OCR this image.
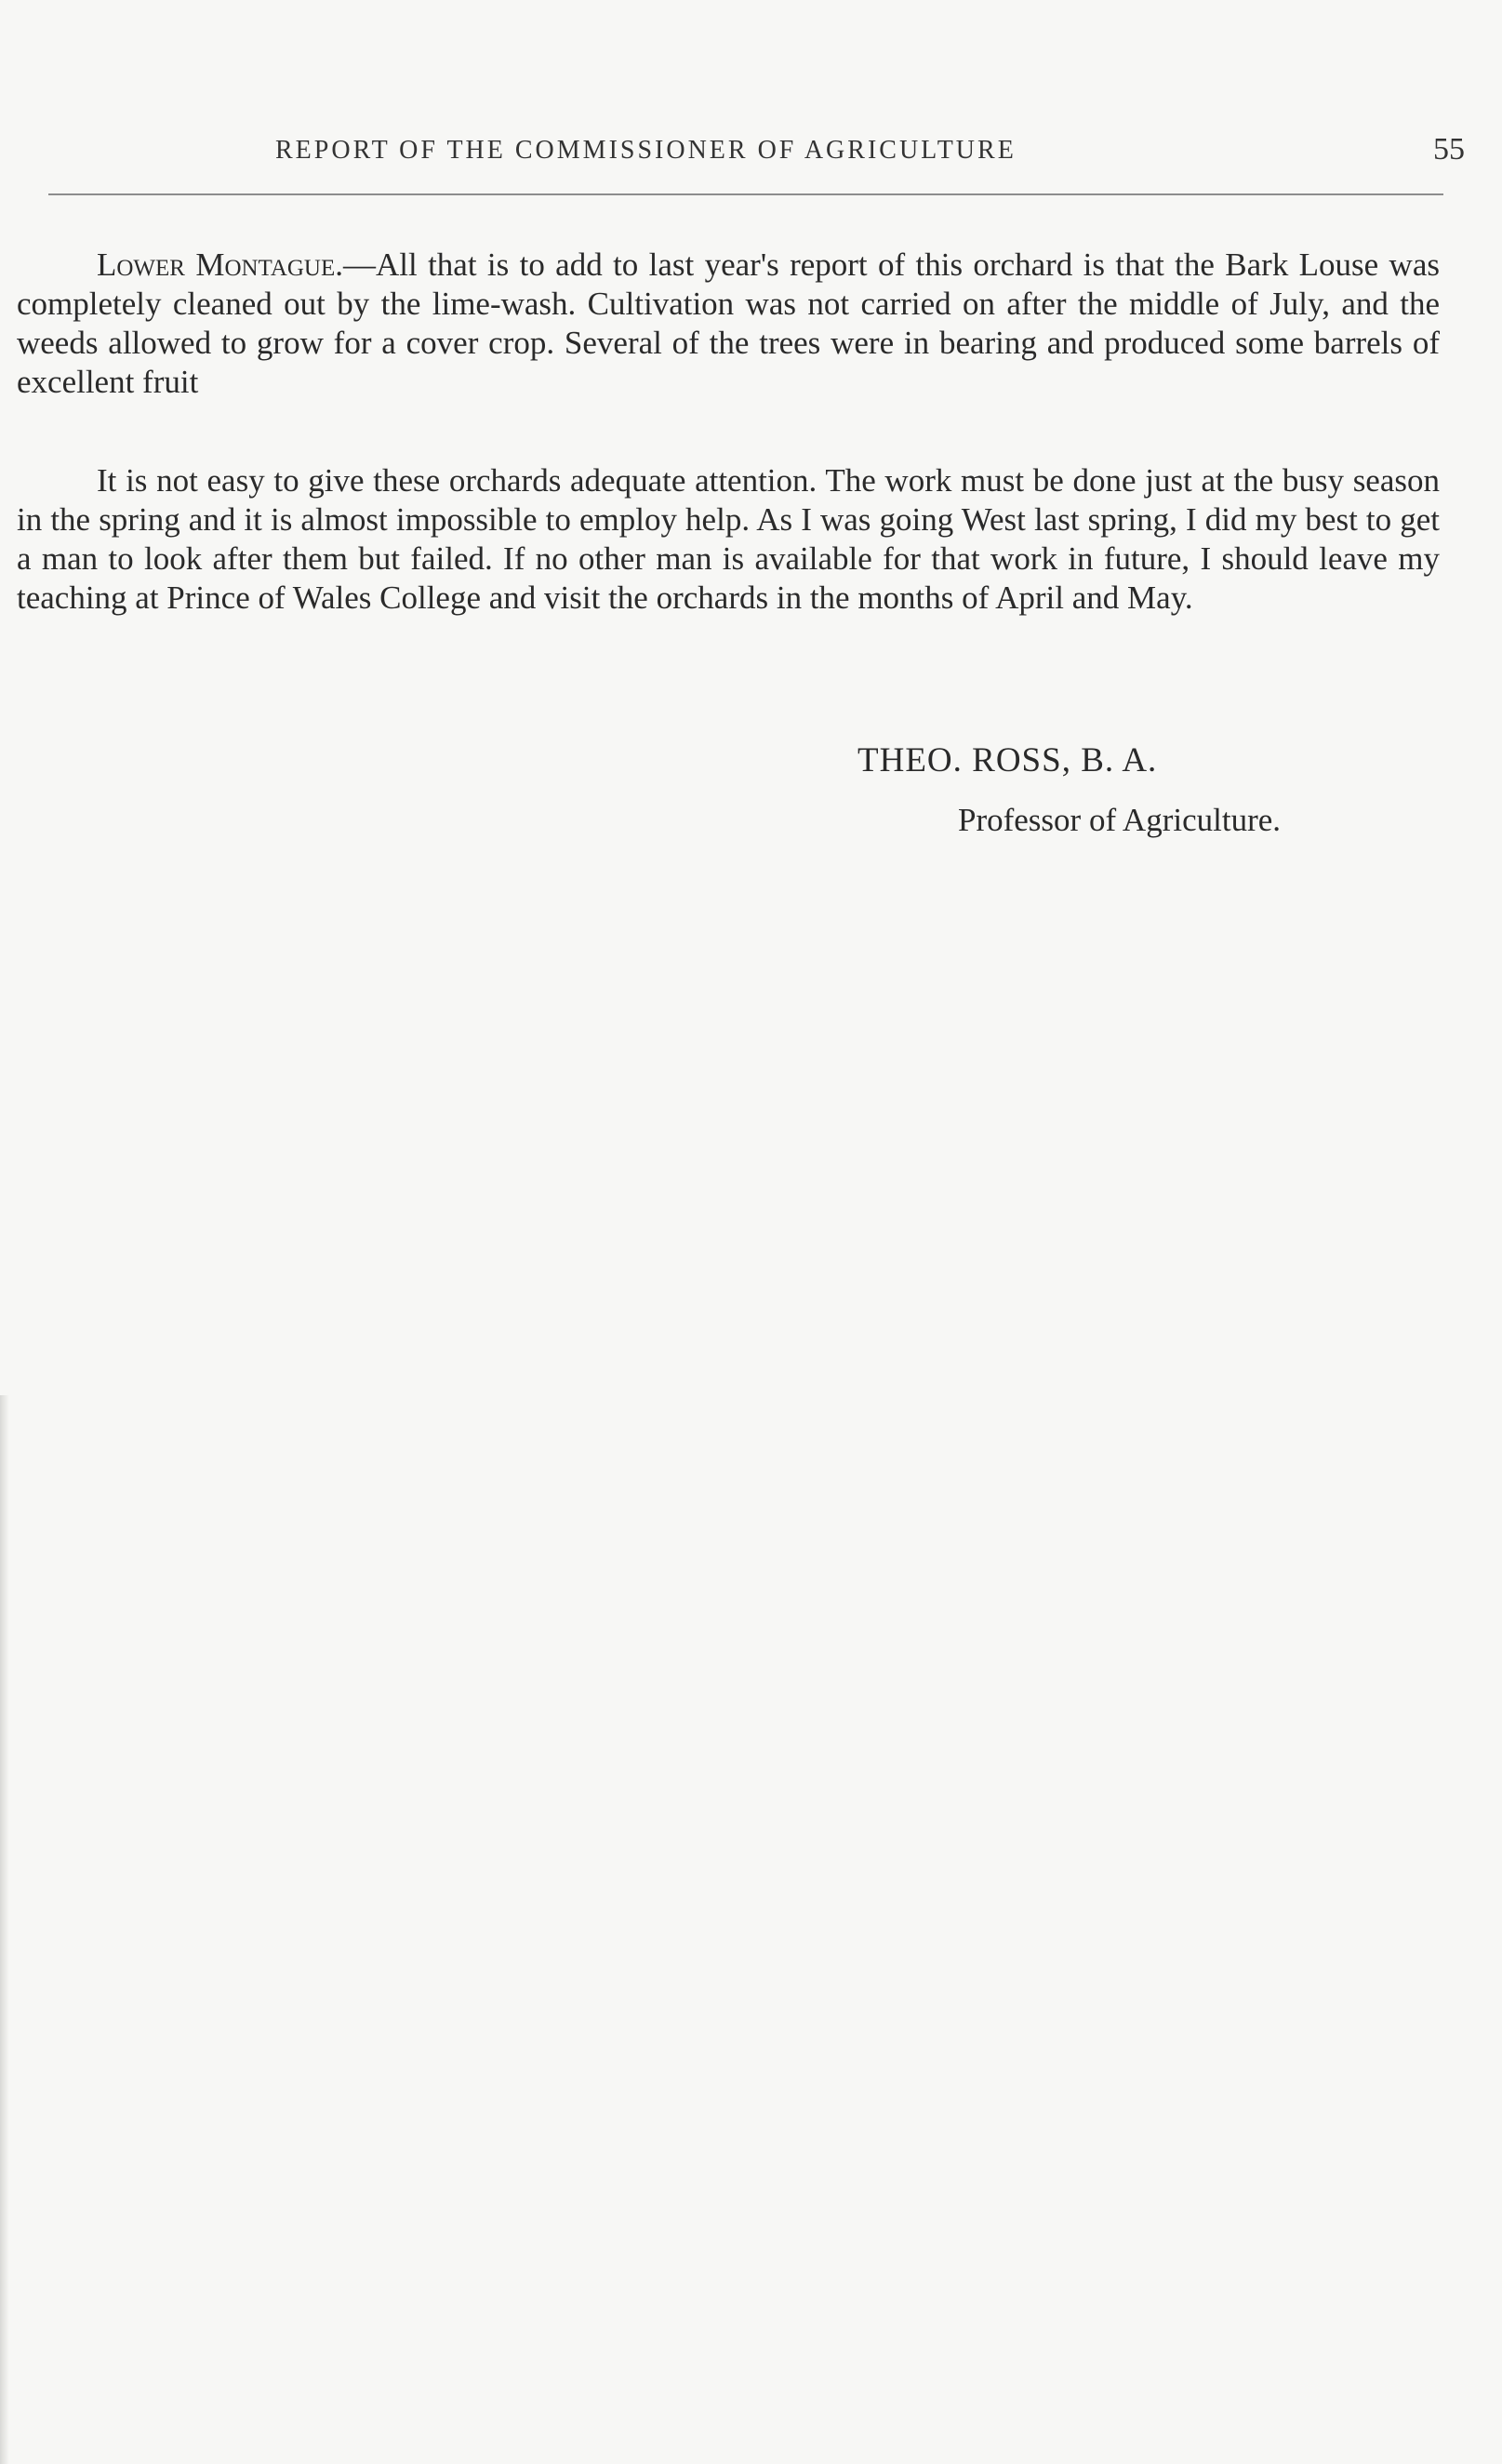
REPORT OF THE COMMISSIONER OF AGRICULTURE	55

Lower Montague.—All that is to add to last year's report of this orchard is that the Bark Louse was completely cleaned out by the lime-wash. Cultivation was not carried on after the middle of July, and the weeds allowed to grow for a cover crop. Several of the trees were in bearing and produced some barrels of excellent fruit

It is not easy to give these orchards adequate attention. The work must be done just at the busy season in the spring and it is almost impossible to employ help. As I was going West last spring, I did my best to get a man to look after them but failed. If no other man is available for that work in future, I should leave my teaching at Prince of Wales College and visit the orchards in the months of April and May.

THEO. ROSS, B. A.
Professor of Agriculture.
